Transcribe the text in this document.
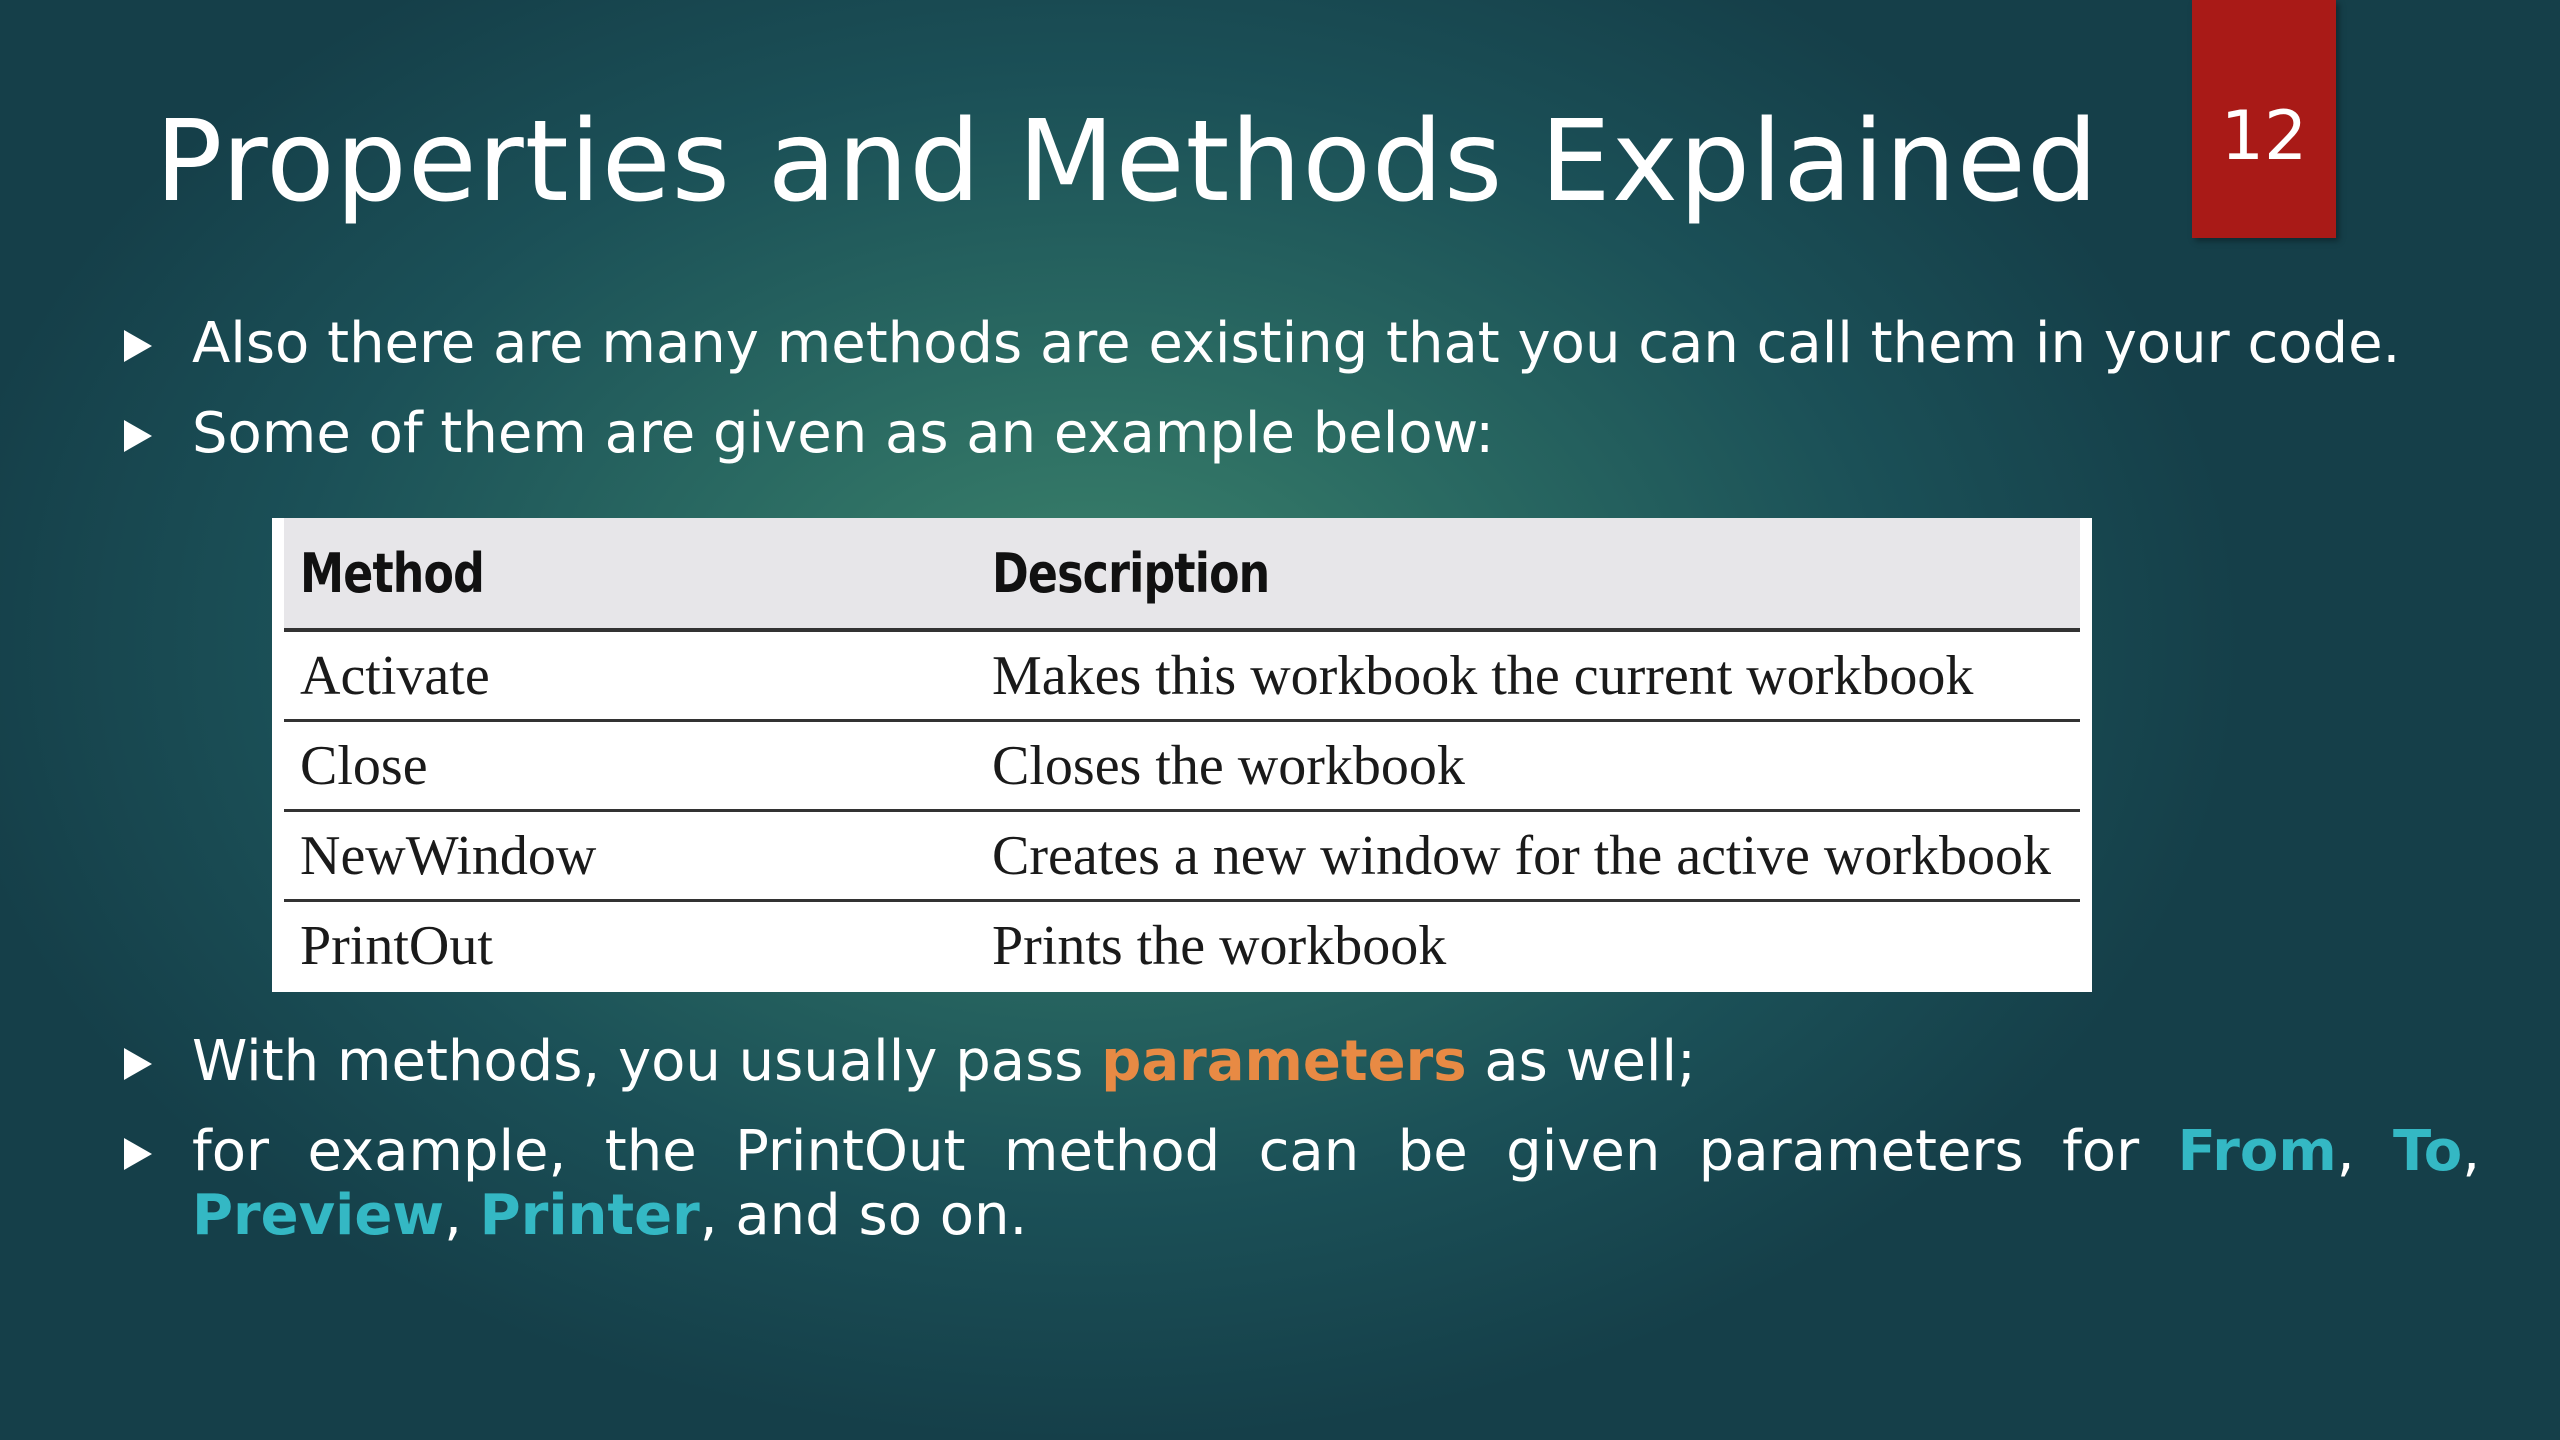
Properties and Methods Explained	12
Also there are many methods are existing that you can call them in your code.
Some of them are given as an example below:
Method	Description
Activate	Makes this workbook the current workbook
Close	Closes the workbook
NewWindow	Creates a new window for the active workbook
PrintOut	Prints the workbook
With methods, you usually pass parameters as well;
for example, the PrintOut method can be given parameters for From, To, Preview, Printer, and so on.
